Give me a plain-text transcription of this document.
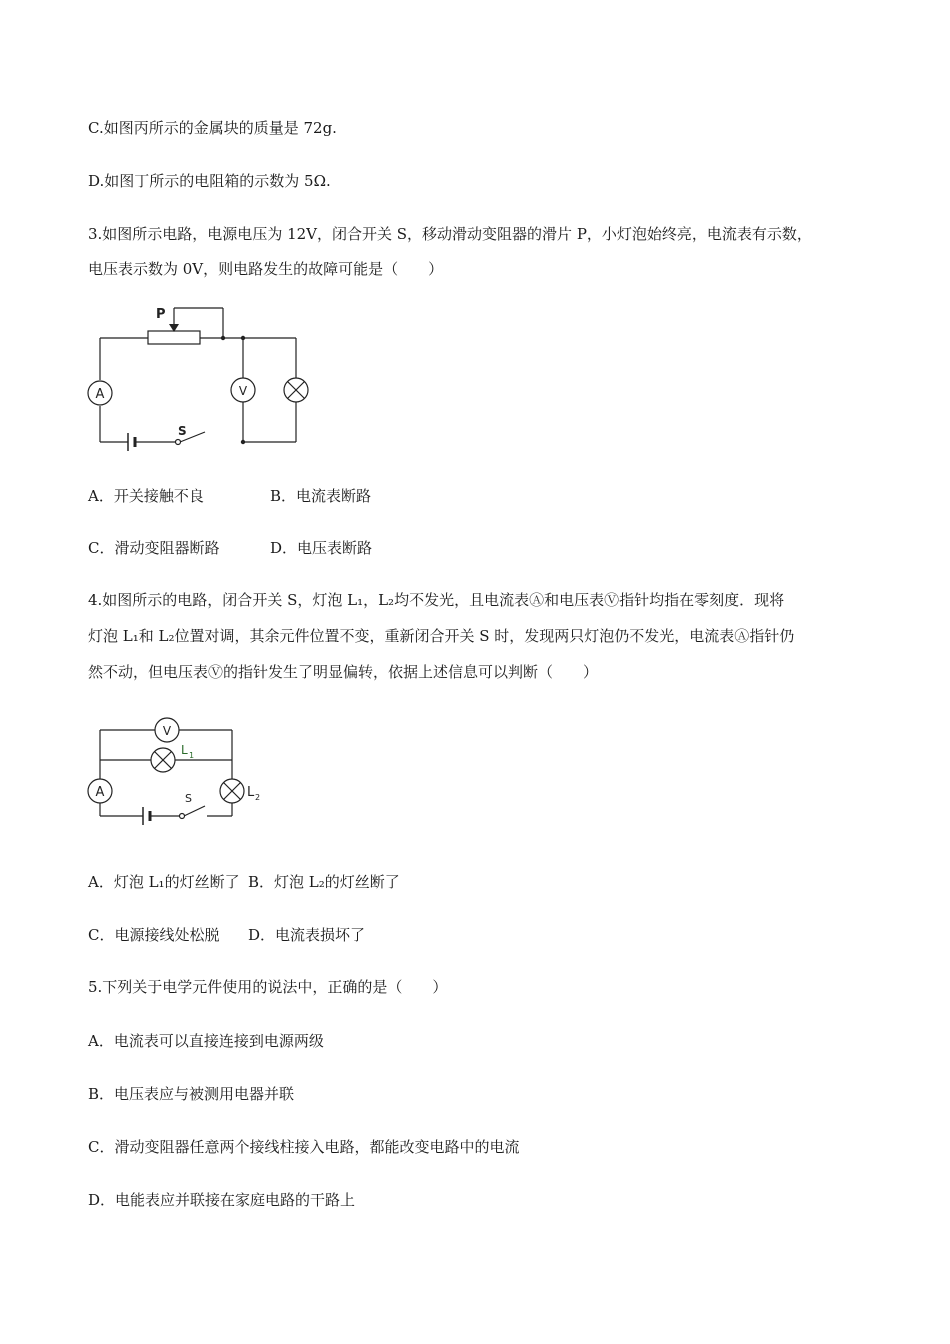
C.如图丙所示的金属块的质量是 72g.
D.如图丁所示的电阻箱的示数为 5Ω.
3.如图所示电路，电源电压为 12V，闭合开关 S，移动滑动变阻器的滑片 P，小灯泡始终亮，电流表有示数，
电压表示数为 0V，则电路发生的故障可能是（　　）
P
A	V
S
A．开关接触不良	B．电流表断路
C．滑动变阻器断路	D．电压表断路
4.如图所示的电路，闭合开关 S，灯泡 L₁，L₂均不发光，且电流表Ⓐ和电压表Ⓥ指针均指在零刻度．现将
灯泡 L₁和 L₂位置对调，其余元件位置不变，重新闭合开关 S 时，发现两只灯泡仍不发光，电流表Ⓐ指针仍
然不动，但电压表Ⓥ的指针发生了明显偏转，依据上述信息可以判断（　　）
V
A	S
L 1
L 2
A．灯泡 L₁的灯丝断了 B．灯泡 L₂的灯丝断了
C．电源接线处松脱 D．电流表损坏了
5.下列关于电学元件使用的说法中，正确的是（　　）
A．电流表可以直接连接到电源两级
B．电压表应与被测用电器并联
C．滑动变阻器任意两个接线柱接入电路，都能改变电路中的电流
D．电能表应并联接在家庭电路的干路上
